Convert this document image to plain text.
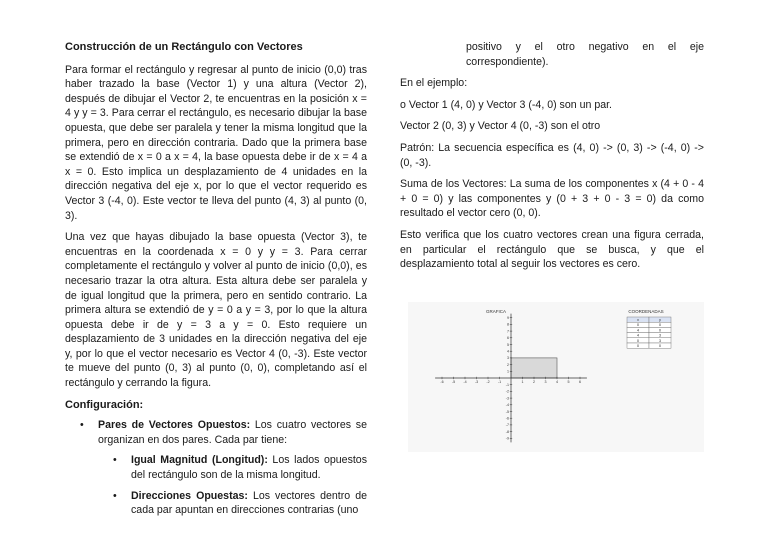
Construcción de un Rectángulo con Vectores

Para formar el rectángulo y regresar al punto de inicio (0,0) tras haber trazado la base (Vector 1) y una altura (Vector 2), después de dibujar el Vector 2, te encuentras en la posición x = 4 y y = 3. Para cerrar el rectángulo, es necesario dibujar la base opuesta, que debe ser paralela y tener la misma longitud que la primera, pero en dirección contraria. Dado que la primera base se extendió de x = 0 a x = 4, la base opuesta debe ir de x = 4 a x = 0. Esto implica un desplazamiento de 4 unidades en la dirección negativa del eje x, por lo que el vector requerido es Vector 3 (-4, 0). Este vector te lleva del punto (4, 3) al punto (0, 3).

Una vez que hayas dibujado la base opuesta (Vector 3), te encuentras en la coordenada x = 0 y y = 3. Para cerrar completamente el rectángulo y volver al punto de inicio (0,0), es necesario trazar la otra altura. Esta altura debe ser paralela y de igual longitud que la primera, pero en sentido contrario. La primera altura se extendió de y = 0 a y = 3, por lo que la altura opuesta debe ir de y = 3 a y = 0. Esto requiere un desplazamiento de 3 unidades en la dirección negativa del eje y, por lo que el vector necesario es Vector 4 (0, -3). Este vector te mueve del punto (0, 3) al punto (0, 0), completando así el rectángulo y cerrando la figura.

Configuración:
• Pares de Vectores Opuestos: Los cuatro vectores se organizan en dos pares. Cada par tiene:
• Igual Magnitud (Longitud): Los lados opuestos del rectángulo son de la misma longitud.
• Direcciones Opuestas: Los vectores dentro de cada par apuntan en direcciones contrarias (uno

positivo y el otro negativo en el eje correspondiente).

En el ejemplo:

o Vector 1 (4, 0) y Vector 3 (-4, 0) son un par.

Vector 2 (0, 3) y Vector 4 (0, -3) son el otro

Patrón: La secuencia específica es (4, 0) -> (0, 3) -> (-4, 0) -> (0, -3).

Suma de los Vectores: La suma de los componentes x (4 + 0 - 4 + 0 = 0) y las componentes y (0 + 3 + 0 - 3 = 0) da como resultado el vector cero (0, 0).

Esto verifica que los cuatro vectores crean una figura cerrada, en particular el rectángulo que se busca, y que el desplazamiento total al seguir los vectores es cero.

GRAFICA	COORDENADAS
-6 -5 -4 -3 -2 -1	1	2	3	4	5	6
9
8
7
6
5
4
3
2
1
-1
-2
-3
-4
-5
-6
-7
-8
-9
x	y
0	0
4	0
4	3
0	3
0	0
